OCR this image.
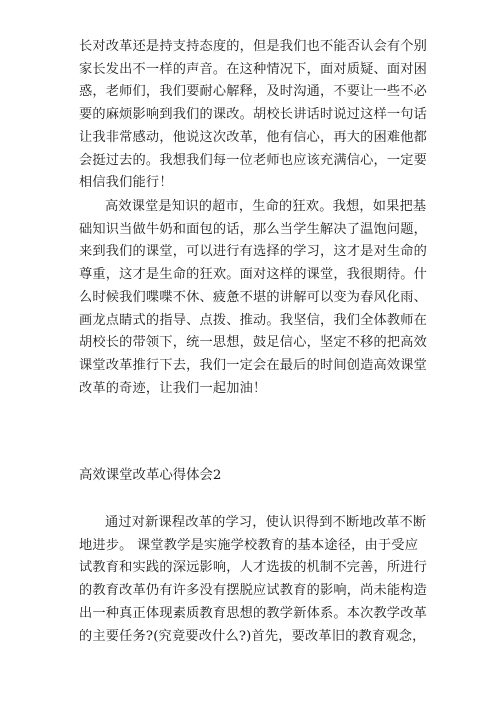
长对改革还是持支持态度的，但是我们也不能否认会有个别
家长发出不一样的声音。在这种情况下，面对质疑、面对困
惑，老师们，我们要耐心解释，及时沟通，不要让一些不必
要的麻烦影响到我们的课改。胡校长讲话时说过这样一句话
让我非常感动，他说这次改革，他有信心，再大的困难他都
会挺过去的。我想我们每一位老师也应该充满信心，一定要
相信我们能行！
高效课堂是知识的超市，生命的狂欢。我想，如果把基
础知识当做牛奶和面包的话，那么当学生解决了温饱问题，
来到我们的课堂，可以进行有选择的学习，这才是对生命的
尊重，这才是生命的狂欢。面对这样的课堂，我很期待。什
么时候我们喋喋不休、疲惫不堪的讲解可以变为春风化雨、
画龙点睛式的指导、点拨、推动。我坚信，我们全体教师在
胡校长的带领下，统一思想，鼓足信心，坚定不移的把高效
课堂改革推行下去，我们一定会在最后的时间创造高效课堂
改革的奇迹，让我们一起加油！
高效课堂改革心得体会2
通过对新课程改革的学习，使认识得到不断地改革不断
地进步。 课堂教学是实施学校教育的基本途径，由于受应
试教育和实践的深远影响，人才选拔的机制不完善，所进行
的教育改革仍有许多没有摆脱应试教育的影响，尚未能构造
出一种真正体现素质教育思想的教学新体系。本次教学改革
的主要任务?(究竟要改什么?)首先，要改革旧的教育观念，
